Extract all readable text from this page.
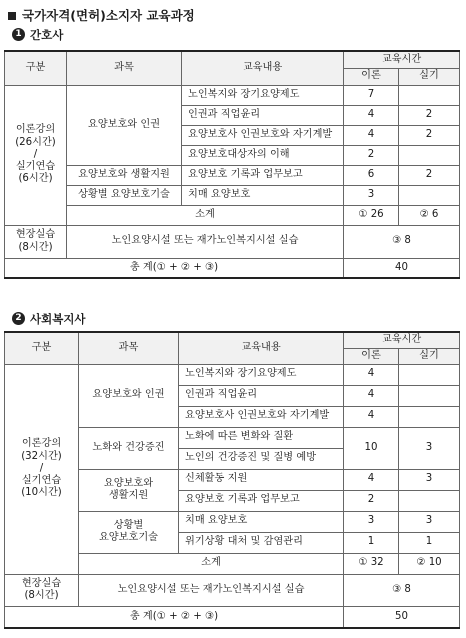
국가자격(면허)소지자 교육과정
1 간호사
구분	과목	교육내용	교육시간	
			이론	실기

이론강의
(26시간)
/
실기연습
(6시간)	요양보호와 인권	노인복지와 장기요양제도	7	
		인권과 직업윤리	4	2
		요양보호사 인권보호와 자기계발	4	2
		요양보호대상자의 이해	2	
	요양보호와 생활지원	요양보호 기록과 업무보고	6	2
	상황별 요양보호기술	치매 요양보호	3	
	소계		① 26	② 6

현장실습
(8시간)	노인요양시설 또는 재가노인복지시설 실습		③ 8	
총 계(① + ② + ③)			40	
2 사회복지사
구분	과목	교육내용	교육시간	
			이론	실기

이론강의
(32시간)
/
실기연습
(10시간)	요양보호와 인권	노인복지와 장기요양제도	4	
		인권과 직업윤리	4	
		요양보호사 인권보호와 자기계발	4	
	노화와 건강증진	노화에 따른 변화와 질환	10	3
		노인의 건강증진 및 질병 예방		

	요양보호와
생활지원	신체활동 지원	4	3
		요양보호 기록과 업무보고	2	

	상황별
요양보호기술	치매 요양보호	3	3
		위기상황 대처 및 감염관리	1	1
	소계		① 32	② 10

현장실습
(8시간)	노인요양시설 또는 재가노인복지시설 실습		③ 8	
총 계(① + ② + ③)			50	
